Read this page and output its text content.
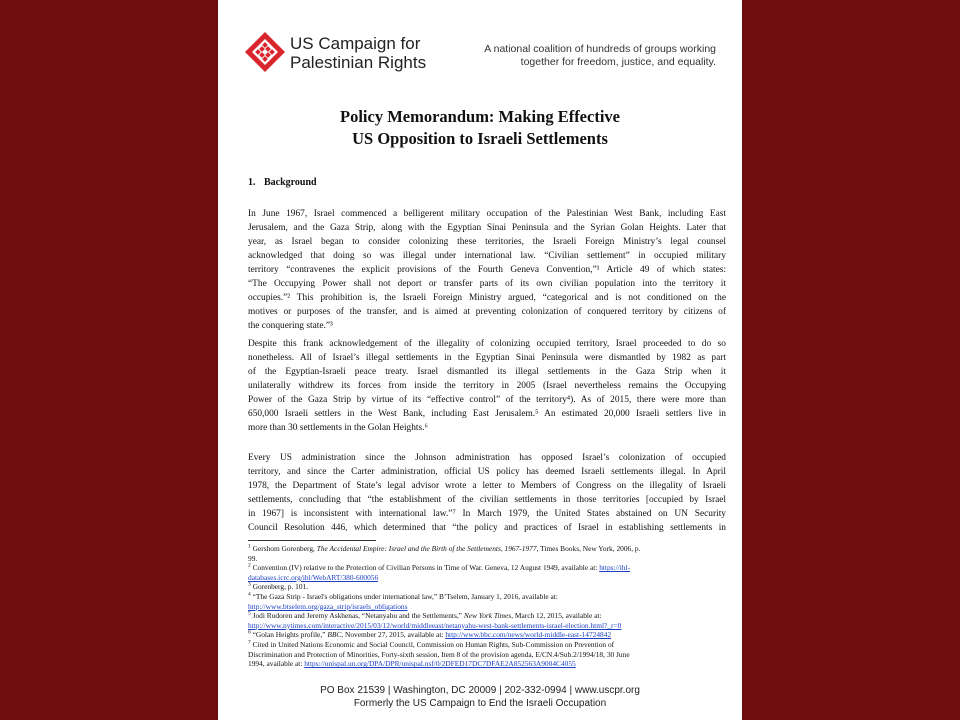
US Campaign for
Palestinian Rights
A national coalition of hundreds of groups working
together for freedom, justice, and equality.
Policy Memorandum: Making Effective
US Opposition to Israeli Settlements
1. Background
In June 1967, Israel commenced a belligerent military occupation of the Palestinian West Bank, including East
Jerusalem, and the Gaza Strip, along with the Egyptian Sinai Peninsula and the Syrian Golan Heights. Later that
year, as Israel began to consider colonizing these territories, the Israeli Foreign Ministry’s legal counsel
acknowledged that doing so was illegal under international law. “Civilian settlement” in occupied military
territory “contravenes the explicit provisions of the Fourth Geneva Convention,”¹ Article 49 of which states:
“The Occupying Power shall not deport or transfer parts of its own civilian population into the territory it
occupies.”² This prohibition is, the Israeli Foreign Ministry argued, “categorical and is not conditioned on the
motives or purposes of the transfer, and is aimed at preventing colonization of conquered territory by citizens of
the conquering state.”³
Despite this frank acknowledgement of the illegality of colonizing occupied territory, Israel proceeded to do so
nonetheless. All of Israel’s illegal settlements in the Egyptian Sinai Peninsula were dismantled by 1982 as part
of the Egyptian-Israeli peace treaty. Israel dismantled its illegal settlements in the Gaza Strip when it
unilaterally withdrew its forces from inside the territory in 2005 (Israel nevertheless remains the Occupying
Power of the Gaza Strip by virtue of its “effective control” of the territory⁴). As of 2015, there were more than
650,000 Israeli settlers in the West Bank, including East Jerusalem.⁵ An estimated 20,000 Israeli settlers live in
more than 30 settlements in the Golan Heights.⁶
Every US administration since the Johnson administration has opposed Israel’s colonization of occupied
territory, and since the Carter administration, official US policy has deemed Israeli settlements illegal. In April
1978, the Department of State’s legal advisor wrote a letter to Members of Congress on the illegality of Israeli
settlements, concluding that “the establishment of the civilian settlements in those territories [occupied by Israel
in 1967] is inconsistent with international law.”⁷ In March 1979, the United States abstained on UN Security
Council Resolution 446, which determined that “the policy and practices of Israel in establishing settlements in
$^1$ Gershom Gorenberg, The Accidental Empire: Israel and the Birth of the Settlements, 1967-1977, Times Books, New York, 2006, p.
99.
$^2$ Convention (IV) relative to the Protection of Civilian Persons in Time of War. Geneva, 12 August 1949, available at: https://ihl-
databases.icrc.org/ihl/WebART/380-600056
$^3$ Gorenberg, p. 101.
$^4$ “The Gaza Strip - Israel's obligations under international law,” B’Tselem, January 1, 2016, available at:
http://www.btselem.org/gaza_strip/israels_obligations
$^5$ Jodi Rudoren and Jeremy Askhenas, “Netanyahu and the Settlements,” New York Times, March 12, 2015, available at:
http://www.nytimes.com/interactive/2015/03/12/world/middleeast/netanyahu-west-bank-settlements-israel-election.html?_r=0
$^6$ “Golan Heights profile,” BBC, November 27, 2015, available at: http://www.bbc.com/news/world-middle-east-14724842
$^7$ Cited in United Nations Economic and Social Council, Commission on Human Rights, Sub-Commission on Prevention of
Discrimination and Protection of Minorities, Forty-sixth session, Item 8 of the provision agenda, E/CN.4/Sub.2/1994/18, 30 June
1994, available at: https://unispal.un.org/DPA/DPR/unispal.nsf/0/2DFED17DC7DFAE2A852563A9004C4055
PO Box 21539 | Washington, DC 20009 | 202-332-0994 | www.uscpr.org
Formerly the US Campaign to End the Israeli Occupation
